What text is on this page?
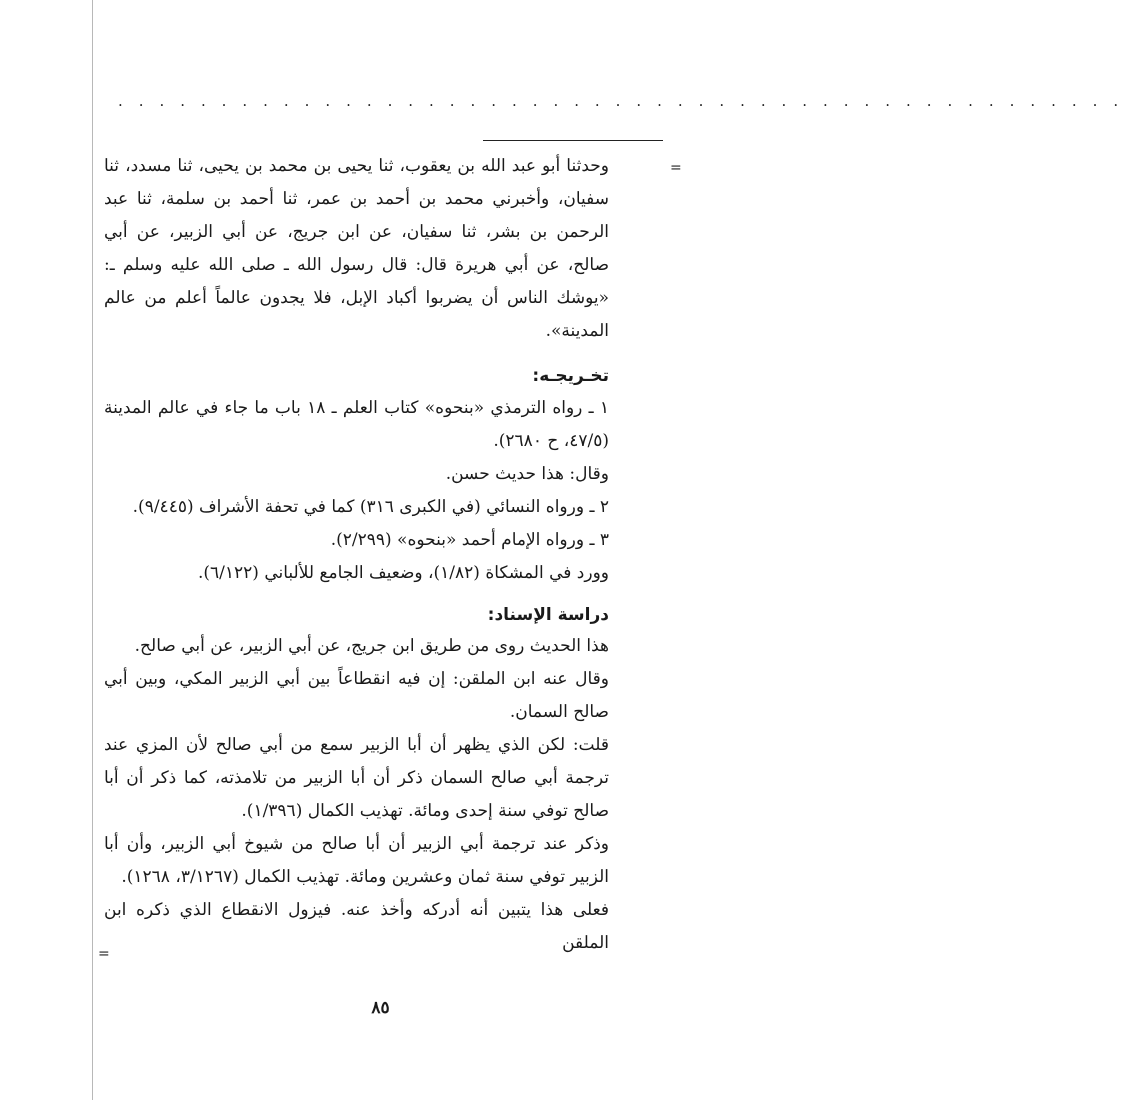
. . . . . . . . . . . . . . . . . . . . . . . . . . . . . . . . . . . . . . . . . . . . . . . . .
=
=

وحدثنا أبو عبد الله بن يعقوب، ثنا يحيى بن محمد بن يحيى، ثنا مسدد، ثنا سفيان، وأخبرني محمد بن أحمد بن عمر، ثنا أحمد بن سلمة، ثنا عبد الرحمن بن بشر، ثنا سفيان، عن ابن جريج، عن أبي الزبير، عن أبي صالح، عن أبي هريرة قال: قال رسول الله ـ صلى الله عليه وسلم ـ: «يوشك الناس أن يضربوا أكباد الإبل، فلا يجدون عالماً أعلم من عالم المدينة».

تخـريجـه:

١ ـ رواه الترمذي «بنحوه» كتاب العلم ـ ١٨ باب ما جاء في عالم المدينة (٤٧/٥، ح ٢٦٨٠).

وقال: هذا حديث حسن.

٢ ـ ورواه النسائي (في الكبرى ٣١٦) كما في تحفة الأشراف (٩/٤٤٥).

٣ ـ ورواه الإمام أحمد «بنحوه» (٢/٢٩٩).

وورد في المشكاة (١/٨٢)، وضعيف الجامع للألباني (٦/١٢٢).

دراسة الإسناد:

هذا الحديث روى من طريق ابن جريج، عن أبي الزبير، عن أبي صالح.

وقال عنه ابن الملقن: إن فيه انقطاعاً بين أبي الزبير المكي، وبين أبي صالح السمان.

قلت: لكن الذي يظهر أن أبا الزبير سمع من أبي صالح لأن المزي عند ترجمة أبي صالح السمان ذكر أن أبا الزبير من تلامذته، كما ذكر أن أبا صالح توفي سنة إحدى ومائة. تهذيب الكمال (١/٣٩٦).

وذكر عند ترجمة أبي الزبير أن أبا صالح من شيوخ أبي الزبير، وأن أبا الزبير توفي سنة ثمان وعشرين ومائة. تهذيب الكمال (٣/١٢٦٧، ١٢٦٨).

فعلى هذا يتبين أنه أدركه وأخذ عنه. فيزول الانقطاع الذي ذكره ابن الملقن

٨٥
